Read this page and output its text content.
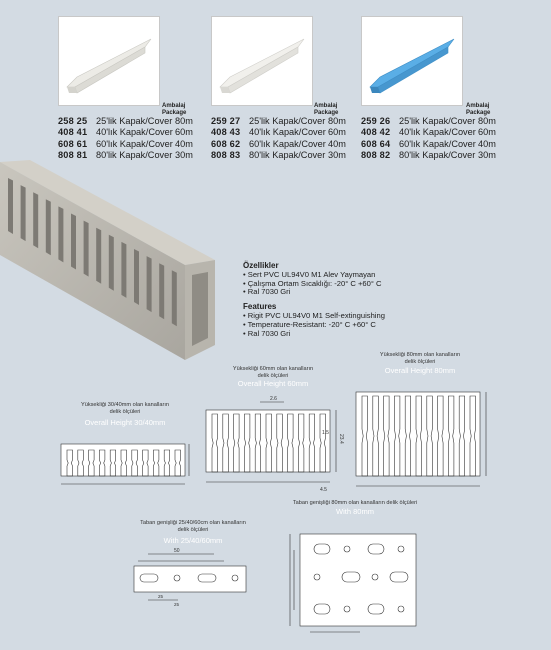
Ambalaj
Package
Ambalaj
Package
Ambalaj
Package
258 25 25'lik Kapak/Cover 80m
408 41 40'lık Kapak/Cover 60m
608 61 60'lık Kapak/Cover 40m
808 81 80'lik Kapak/Cover 30m
259 27 25'lik Kapak/Cover 80m
408 43 40'lık Kapak/Cover 60m
608 62 60'lık Kapak/Cover 40m
808 83 80'lik Kapak/Cover 30m
259 26 25'lik Kapak/Cover 80m
408 42 40'lık Kapak/Cover 60m
608 64 60'lık Kapak/Cover 40m
808 82 80'lik Kapak/Cover 30m
Özellikler
• Sert PVC UL94V0 M1 Alev Yaymayan
• Çalışma Ortam Sıcaklığı: -20° C +60° C
• Ral 7030 Gri
Features
• Rigit PVC UL94V0 M1 Self-extinguishing
• Temperature-Resistant: -20° C +60° C
• Ral 7030 Gri
Yüksekliği 30/40mm olan kanalların
delik ölçüleri
Overall Height 30/40mm
Yüksekliği 60mm olan kanalların
delik ölçüleri
Overall Height 60mm
Yüksekliği 80mm olan kanalların
delik ölçüleri
Overall Height 80mm
Taban genişliği 25/40/60cm olan kanalların
delik ölçüleri
With 25/40/60mm
Taban genişliği 80mm olan kanalların delik ölçüleri
With 80mm
2.6
1.5
23.4
4.5
50
25
25
